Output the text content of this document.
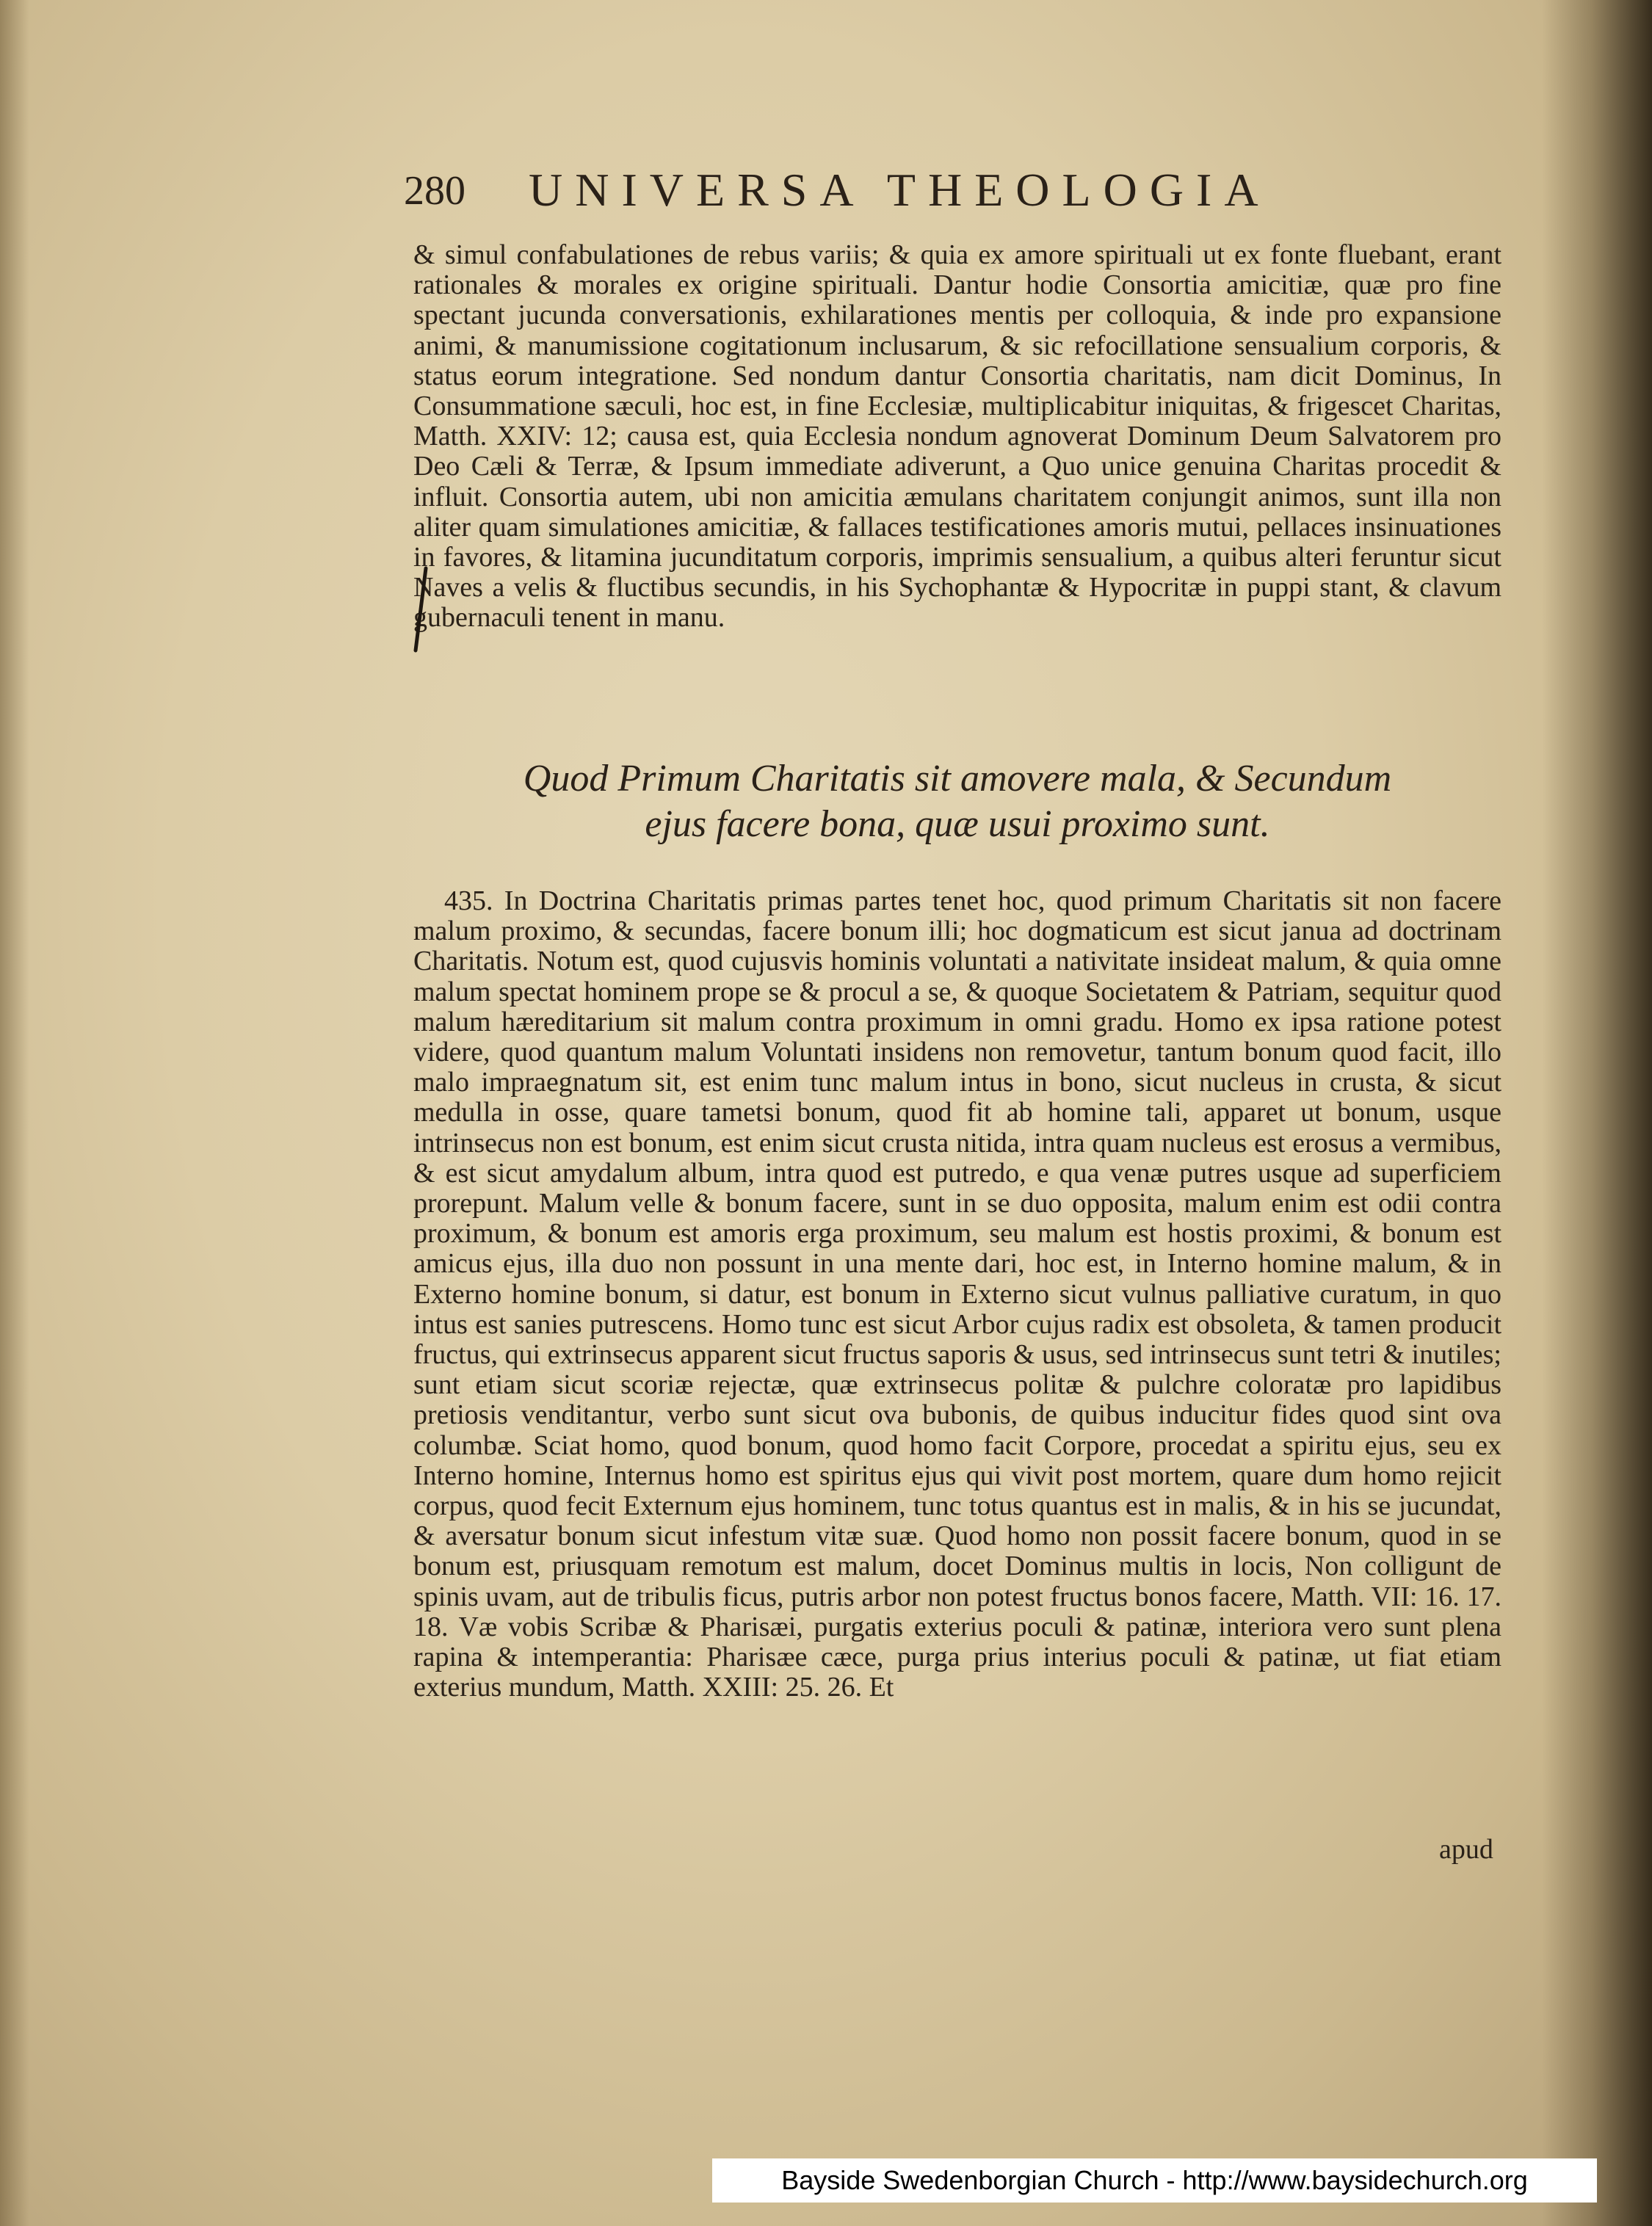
280 UNIVERSA THEOLOGIA

& simul confabulationes de rebus variis; & quia ex amore spirituali ut ex fonte fluebant, erant rationales & morales ex origine spirituali. Dantur hodie Consortia amicitiæ, quæ pro fine spectant jucunda conversationis, exhilarationes mentis per colloquia, & inde pro expansione animi, & manumissione cogitationum inclusarum, & sic refocillatione sensualium corporis, & status eorum integratione. Sed nondum dantur Consortia charitatis, nam dicit Dominus, In Consummatione sæculi, hoc est, in fine Ecclesiæ, multiplicabitur iniquitas, & frigescet Charitas, Matth. XXIV: 12; causa est, quia Ecclesia nondum agnoverat Dominum Deum Salvatorem pro Deo Cæli & Terræ, & Ipsum immediate adiverunt, a Quo unice genuina Charitas procedit & influit. Consortia autem, ubi non amicitia æmulans charitatem conjungit animos, sunt illa non aliter quam simulationes amicitiæ, & fallaces testificationes amoris mutui, pellaces insinuationes in favores, & litamina jucunditatum corporis, imprimis sensualium, a quibus alteri feruntur sicut Naves a velis & fluctibus secundis, in his Sychophantæ & Hypocritæ in puppi stant, & clavum gubernaculi tenent in manu.

Quod Primum Charitatis sit amovere mala, & Secundum
ejus facere bona, quæ usui proximo sunt.

435. In Doctrina Charitatis primas partes tenet hoc, quod primum Charitatis sit non facere malum proximo, & secundas, facere bonum illi; hoc dogmaticum est sicut janua ad doctrinam Charitatis. Notum est, quod cujusvis hominis voluntati a nativitate insideat malum, & quia omne malum spectat hominem prope se & procul a se, & quoque Societatem & Patriam, sequitur quod malum hæreditarium sit malum contra proximum in omni gradu. Homo ex ipsa ratione potest videre, quod quantum malum Voluntati insidens non removetur, tantum bonum quod facit, illo malo impraegnatum sit, est enim tunc malum intus in bono, sicut nucleus in crusta, & sicut medulla in osse, quare tametsi bonum, quod fit ab homine tali, apparet ut bonum, usque intrinsecus non est bonum, est enim sicut crusta nitida, intra quam nucleus est erosus a vermibus, & est sicut amydalum album, intra quod est putredo, e qua venæ putres usque ad superficiem prorepunt. Malum velle & bonum facere, sunt in se duo opposita, malum enim est odii contra proximum, & bonum est amoris erga proximum, seu malum est hostis proximi, & bonum est amicus ejus, illa duo non possunt in una mente dari, hoc est, in Interno homine malum, & in Externo homine bonum, si datur, est bonum in Externo sicut vulnus palliative curatum, in quo intus est sanies putrescens. Homo tunc est sicut Arbor cujus radix est obsoleta, & tamen producit fructus, qui extrinsecus apparent sicut fructus saporis & usus, sed intrinsecus sunt tetri & inutiles; sunt etiam sicut scoriæ rejectæ, quæ extrinsecus politæ & pulchre coloratæ pro lapidibus pretiosis venditantur, verbo sunt sicut ova bubonis, de quibus inducitur fides quod sint ova columbæ. Sciat homo, quod bonum, quod homo facit Corpore, procedat a spiritu ejus, seu ex Interno homine, Internus homo est spiritus ejus qui vivit post mortem, quare dum homo rejicit corpus, quod fecit Externum ejus hominem, tunc totus quantus est in malis, & in his se jucundat, & aversatur bonum sicut infestum vitæ suæ. Quod homo non possit facere bonum, quod in se bonum est, priusquam remotum est malum, docet Dominus multis in locis, Non colligunt de spinis uvam, aut de tribulis ficus, putris arbor non potest fructus bonos facere, Matth. VII: 16. 17. 18. Væ vobis Scribæ & Pharisæi, purgatis exterius poculi & patinæ, interiora vero sunt plena rapina & intemperantia: Pharisæe cæce, purga prius interius poculi & patinæ, ut fiat etiam exterius mundum, Matth. XXIII: 25. 26. Et

apud
Bayside Swedenborgian Church - http://www.baysidechurch.org
